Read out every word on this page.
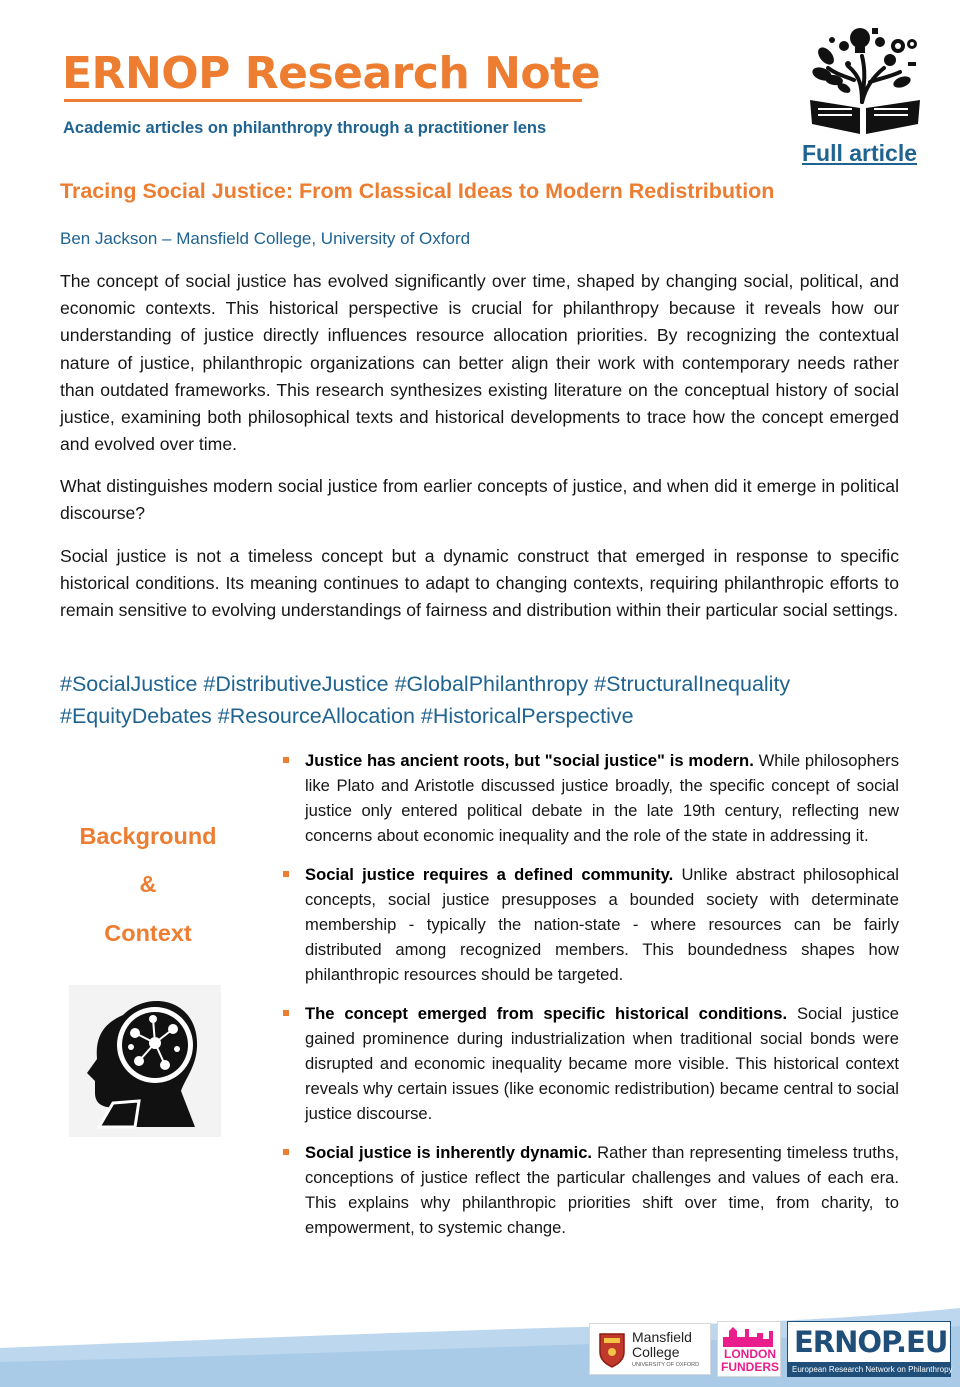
ERNOP Research Note
Academic articles on philanthropy through a practitioner lens
Full article
Tracing Social Justice: From Classical Ideas to Modern Redistribution
Ben Jackson – Mansfield College, University of Oxford

The concept of social justice has evolved significantly over time, shaped by changing social, political, and economic contexts. This historical perspective is crucial for philanthropy because it reveals how our understanding of justice directly influences resource allocation priorities. By recognizing the contextual nature of justice, philanthropic organizations can better align their work with contemporary needs rather than outdated frameworks. This research synthesizes existing literature on the conceptual history of social justice, examining both philosophical texts and historical developments to trace how the concept emerged and evolved over time.

What distinguishes modern social justice from earlier concepts of justice, and when did it emerge in political discourse?

Social justice is not a timeless concept but a dynamic construct that emerged in response to specific historical conditions. Its meaning continues to adapt to changing contexts, requiring philanthropic efforts to remain sensitive to evolving understandings of fairness and distribution within their particular social settings.

#SocialJustice #DistributiveJustice #GlobalPhilanthropy #StructuralInequality #EquityDebates #ResourceAllocation #HistoricalPerspective
Background
&
Context
Justice has ancient roots, but "social justice" is modern. While philosophers like Plato and Aristotle discussed justice broadly, the specific concept of social justice only entered political debate in the late 19th century, reflecting new concerns about economic inequality and the role of the state in addressing it.
Social justice requires a defined community. Unlike abstract philosophical concepts, social justice presupposes a bounded society with determinate membership - typically the nation-state - where resources can be fairly distributed among recognized members. This boundedness shapes how philanthropic resources should be targeted.
The concept emerged from specific historical conditions. Social justice gained prominence during industrialization when traditional social bonds were disrupted and economic inequality became more visible. This historical context reveals why certain issues (like economic redistribution) became central to social justice discourse.
Social justice is inherently dynamic. Rather than representing timeless truths, conceptions of justice reflect the particular challenges and values of each era. This explains why philanthropic priorities shift over time, from charity, to empowerment, to systemic change.
Mansfield
College
UNIVERSITY OF OXFORD
LONDON
FUNDERS
ERNOP.EU
European Research Network on Philanthropy
